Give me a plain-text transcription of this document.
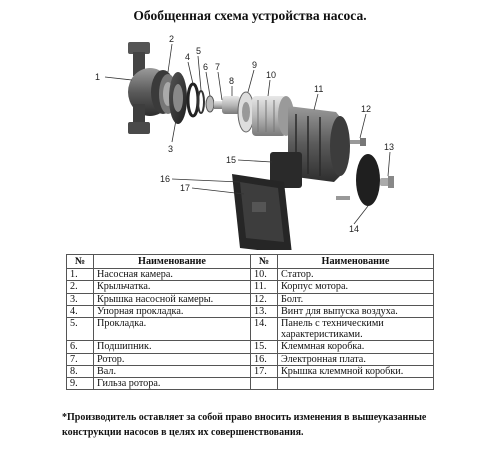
Обобщенная схема устройства насоса.
1
2
3
4
5
6 7
8
9
10
11
12
13
14
15
16
17
№	Наименование	№	Наименование
1.	Насосная камера.	10.	Статор.
2.	Крыльчатка.	11.	Корпус мотора.
3.	Крышка насосной камеры.	12.	Болт.
4.	Упорная прокладка.	13.	Винт для выпуска воздуха.
5.	Прокладка.	14.	Панель с техническими характеристиками.
6.	Подшипник.	15.	Клеммная коробка.
7.	Ротор.	16.	Электронная плата.
8.	Вал.	17.	Крышка клеммной коробки.
9.	Гильза ротора.		
*Производитель оставляет за собой право вносить изменения в вышеуказанные конструкции насосов в целях их совершенствования.
